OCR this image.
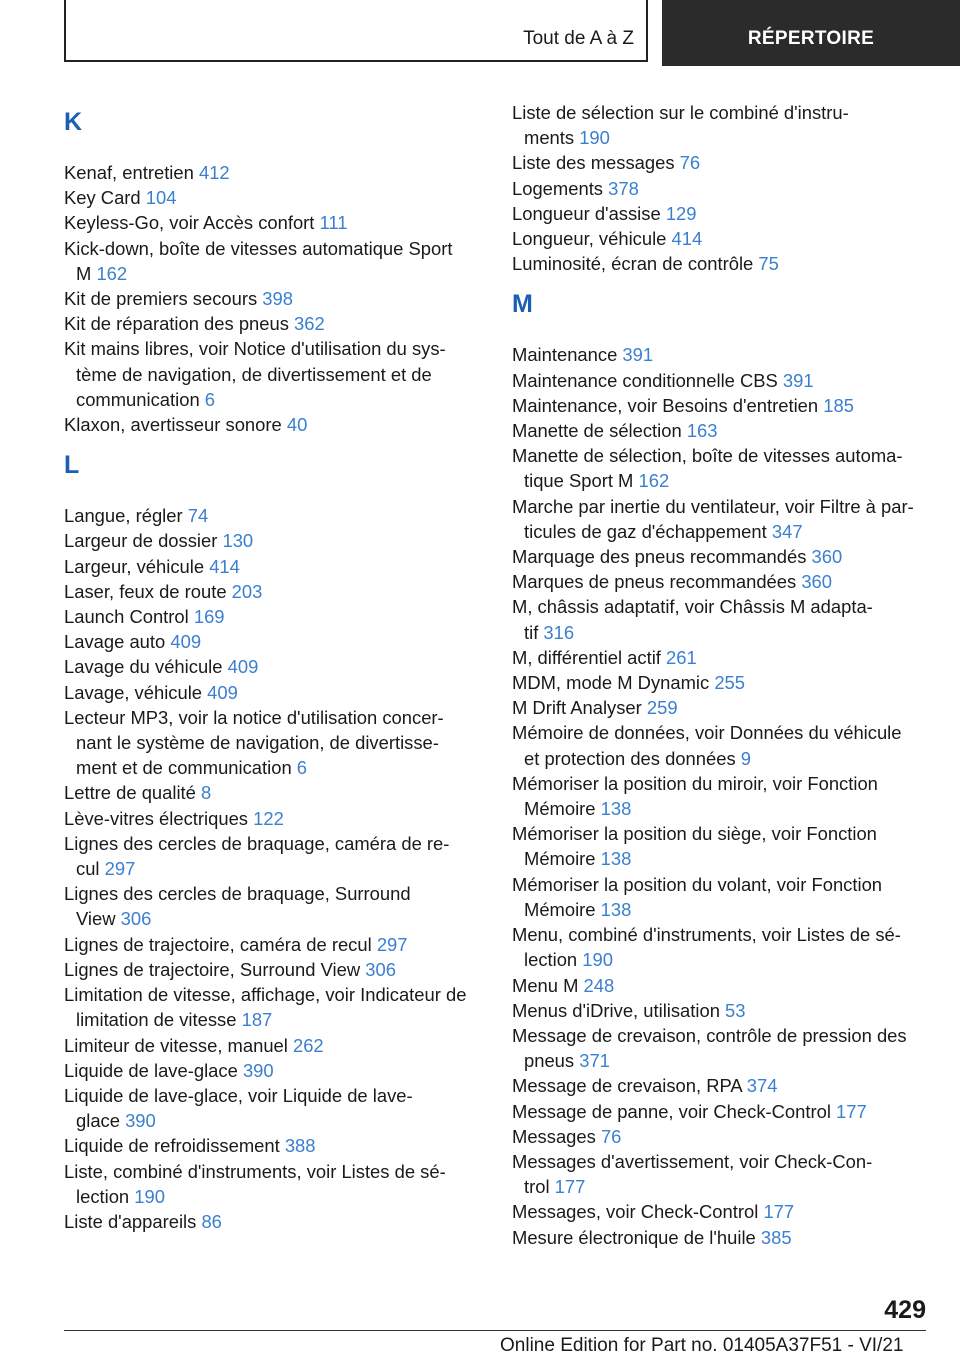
Tout de A à Z	RÉPERTOIRE
K
Kenaf, entretien 412
Key Card 104
Keyless-Go, voir Accès confort 111
Kick-down, boîte de vitesses automatique Sport
M 162
Kit de premiers secours 398
Kit de réparation des pneus 362
Kit mains libres, voir Notice d'utilisation du sys-
tème de navigation, de divertissement et de
communication 6
Klaxon, avertisseur sonore 40
L
Langue, régler 74
Largeur de dossier 130
Largeur, véhicule 414
Laser, feux de route 203
Launch Control 169
Lavage auto 409
Lavage du véhicule 409
Lavage, véhicule 409
Lecteur MP3, voir la notice d'utilisation concer-
nant le système de navigation, de divertisse-
ment et de communication 6
Lettre de qualité 8
Lève-vitres électriques 122
Lignes des cercles de braquage, caméra de re-
cul 297
Lignes des cercles de braquage, Surround
View 306
Lignes de trajectoire, caméra de recul 297
Lignes de trajectoire, Surround View 306
Limitation de vitesse, affichage, voir Indicateur de
limitation de vitesse 187
Limiteur de vitesse, manuel 262
Liquide de lave-glace 390
Liquide de lave-glace, voir Liquide de lave-
glace 390
Liquide de refroidissement 388
Liste, combiné d'instruments, voir Listes de sé-
lection 190
Liste d'appareils 86
Liste de sélection sur le combiné d'instru-
ments 190
Liste des messages 76
Logements 378
Longueur d'assise 129
Longueur, véhicule 414
Luminosité, écran de contrôle 75
M
Maintenance 391
Maintenance conditionnelle CBS 391
Maintenance, voir Besoins d'entretien 185
Manette de sélection 163
Manette de sélection, boîte de vitesses automa-
tique Sport M 162
Marche par inertie du ventilateur, voir Filtre à par-
ticules de gaz d'échappement 347
Marquage des pneus recommandés 360
Marques de pneus recommandées 360
M, châssis adaptatif, voir Châssis M adapta-
tif 316
M, différentiel actif 261
MDM, mode M Dynamic 255
M Drift Analyser 259
Mémoire de données, voir Données du véhicule
et protection des données 9
Mémoriser la position du miroir, voir Fonction
Mémoire 138
Mémoriser la position du siège, voir Fonction
Mémoire 138
Mémoriser la position du volant, voir Fonction
Mémoire 138
Menu, combiné d'instruments, voir Listes de sé-
lection 190
Menu M 248
Menus d'iDrive, utilisation 53
Message de crevaison, contrôle de pression des
pneus 371
Message de crevaison, RPA 374
Message de panne, voir Check-Control 177
Messages 76
Messages d'avertissement, voir Check-Con-
trol 177
Messages, voir Check-Control 177
Mesure électronique de l'huile 385
429
Online Edition for Part no. 01405A37F51 - VI/21
